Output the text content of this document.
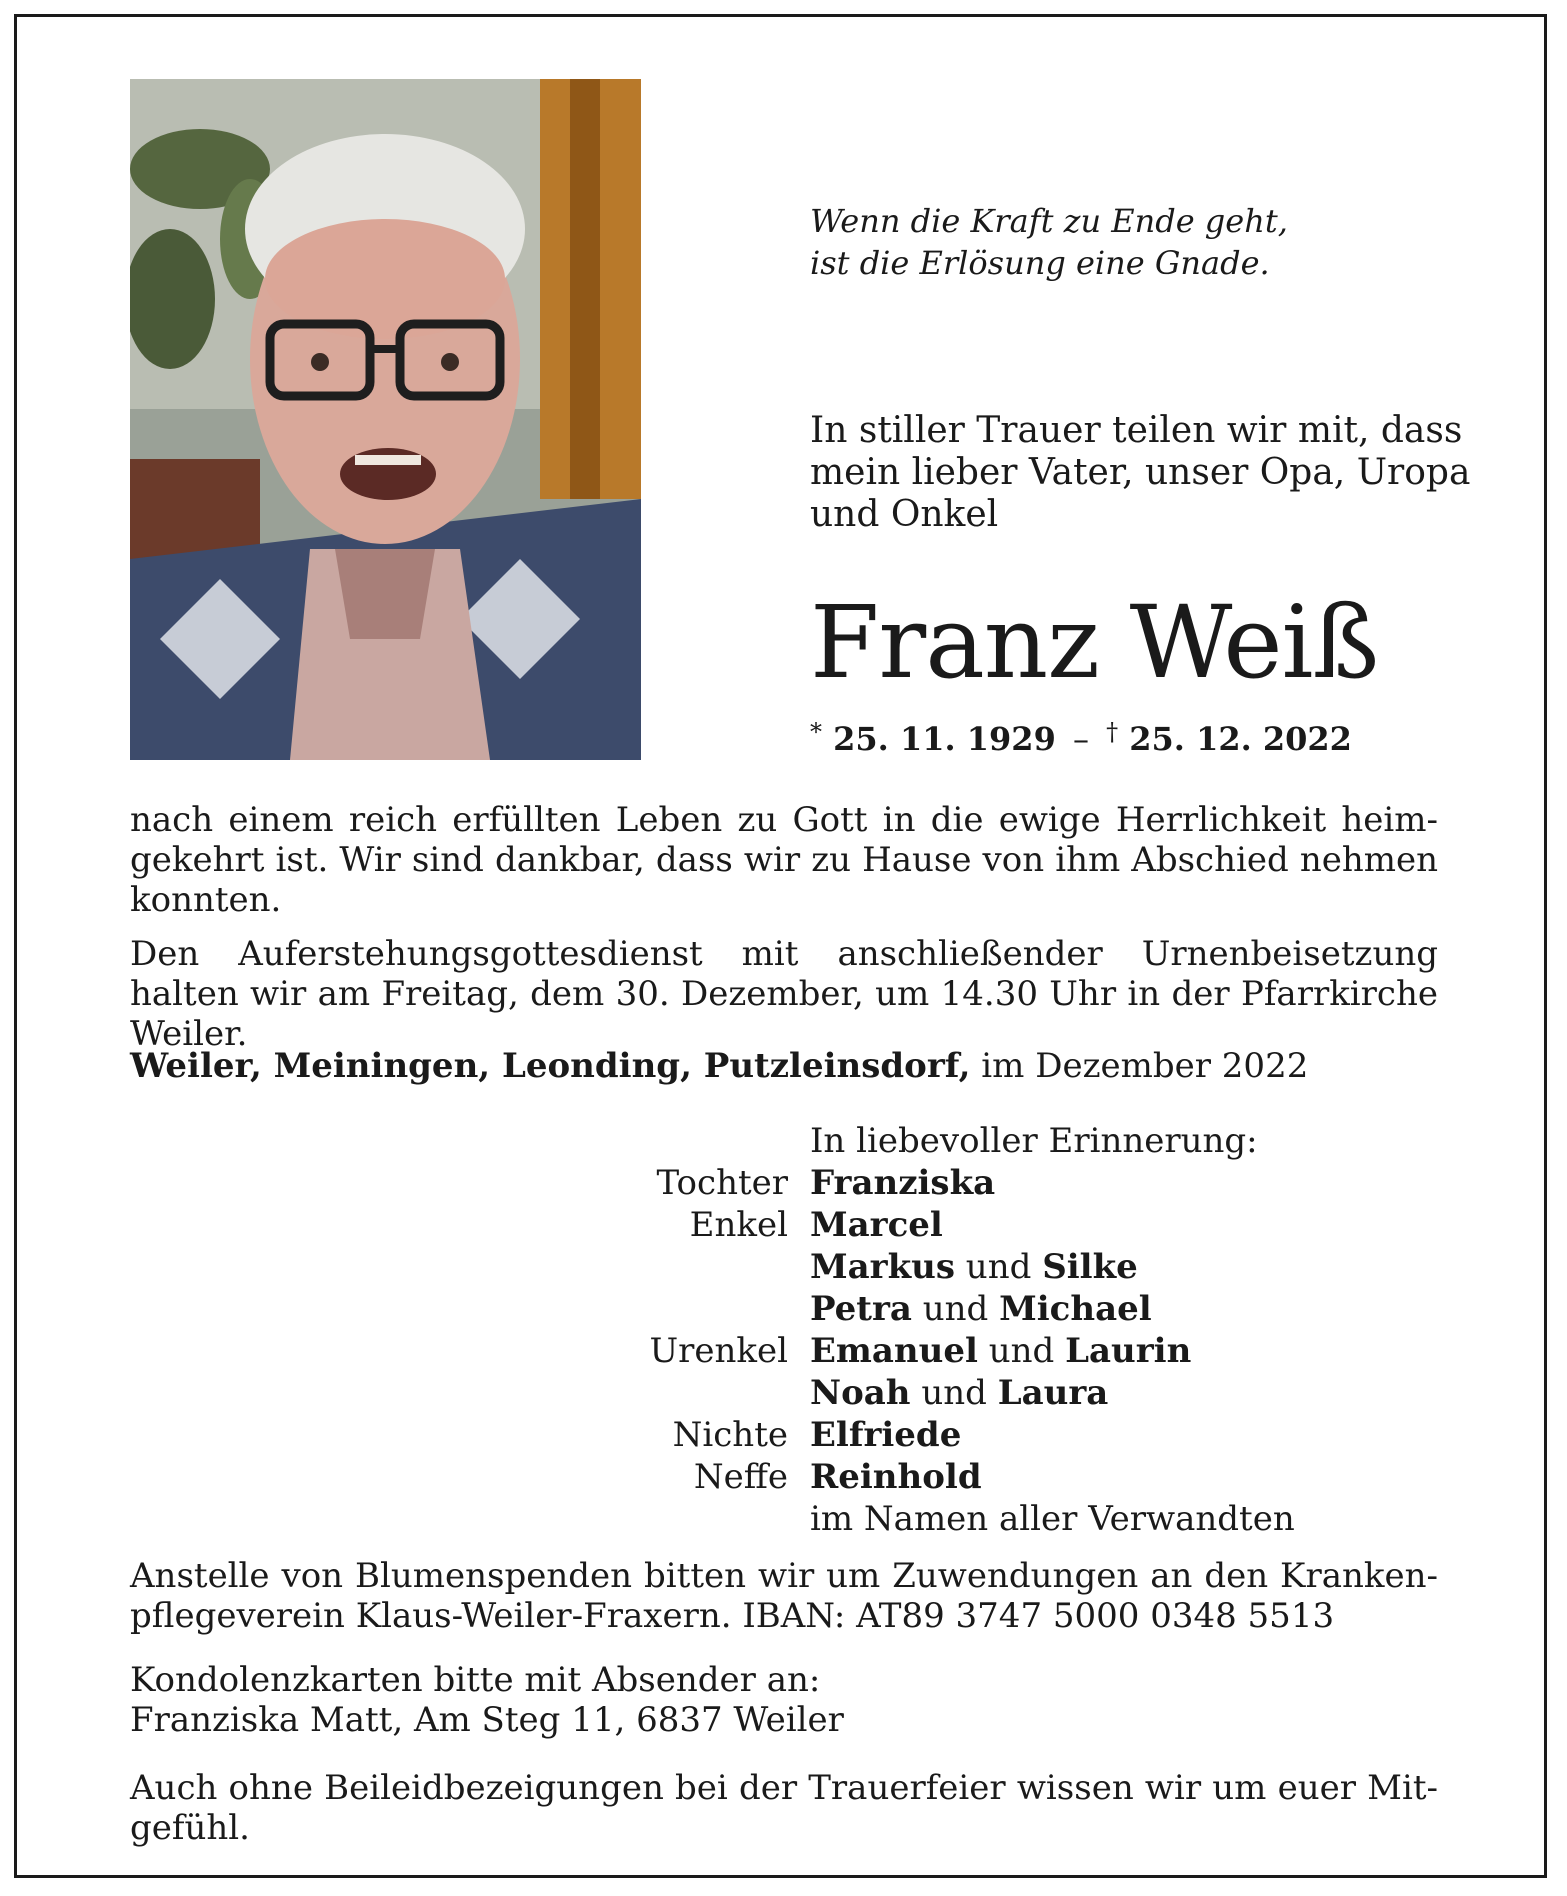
Wenn die Kraft zu Ende geht,
ist die Erlösung eine Gnade.
In stiller Trauer teilen wir mit, dass
mein lieber Vater, unser Opa, Uropa
und Onkel
Franz Weiß
* 25. 11. 1929 – † 25. 12. 2022
nach einem reich erfüllten Leben zu Gott in die ewige Herrlichkeit heimgekehrt ist. Wir sind dankbar, dass wir zu Hause von ihm Abschied nehmen konnten.
Den Auferstehungsgottesdienst mit anschließender Urnenbeisetzung halten wir am Freitag, dem 30. Dezember, um 14.30 Uhr in der Pfarrkirche Weiler.
Weiler, Meiningen, Leonding, Putzleinsdorf, im Dezember 2022
In liebevoller Erinnerung:
Tochter Franziska
Enkel Marcel
Markus und Silke
Petra und Michael
Urenkel Emanuel und Laurin
Noah und Laura
Nichte Elfriede
Neffe Reinhold
im Namen aller Verwandten
Anstelle von Blumenspenden bitten wir um Zuwendungen an den Krankenpflegeverein Klaus-Weiler-Fraxern. IBAN: AT89 3747 5000 0348 5513
Kondolenzkarten bitte mit Absender an:
Franziska Matt, Am Steg 11, 6837 Weiler
Auch ohne Beileidbezeigungen bei der Trauerfeier wissen wir um euer Mitgefühl.
